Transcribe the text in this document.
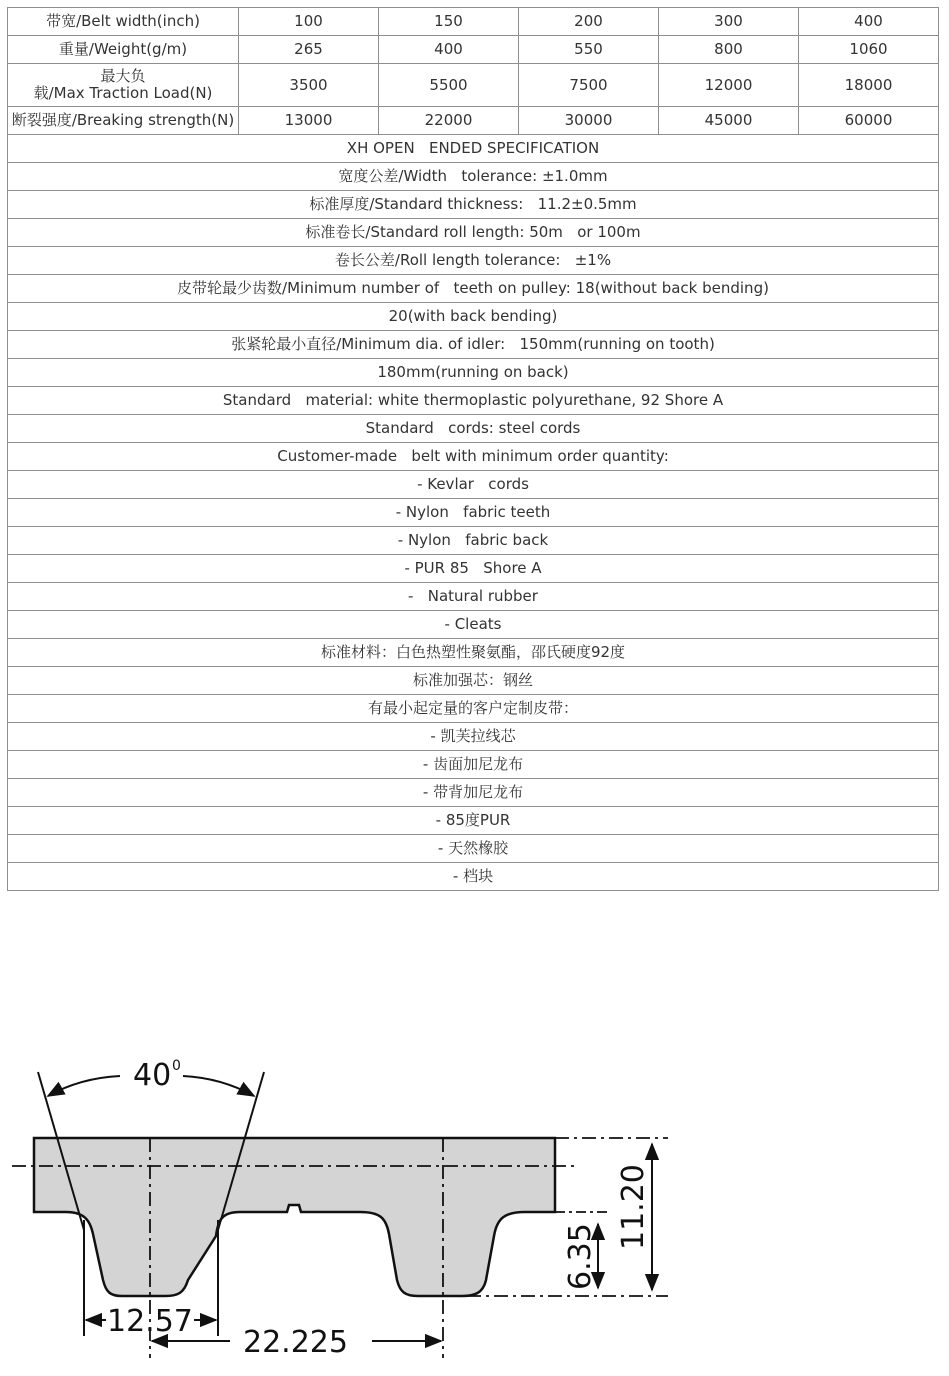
带宽/Belt width(inch)	100	150	200	300	400
重量/Weight(g/m)	265	400	550	800	1060
最大负
载/Max Traction Load(N)	3500	5500	7500	12000	18000
断裂强度/Breaking strength(N)	13000	22000	30000	45000	60000
XH OPEN   ENDED SPECIFICATION					
宽度公差/Width   tolerance: ±1.0mm					
标准厚度/Standard thickness:   11.2±0.5mm					
标准卷长/Standard roll length: 50m   or 100m					
卷长公差/Roll length tolerance:   ±1%					
皮带轮最少齿数/Minimum number of   teeth on pulley: 18(without back bending)					
20(with back bending)					
张紧轮最小直径/Minimum dia. of idler:   150mm(running on tooth)					
180mm(running on back)					
Standard   material: white thermoplastic polyurethane, 92 Shore A					
Standard   cords: steel cords					
Customer-made   belt with minimum order quantity:					
- Kevlar   cords					
- Nylon   fabric teeth					
- Nylon   fabric back					
- PUR 85   Shore A					
-   Natural rubber					
- Cleats					
标准材料：白色热塑性聚氨酯，邵氏硬度92度					
标准加强芯：钢丝					
有最小起定量的客户定制皮带：					
- 凯芙拉线芯					
- 齿面加尼龙布					
- 带背加尼龙布					
- 85度PUR					
- 天然橡胶					
- 档块					
40 0
12.57
22.225
6.35
11.20
